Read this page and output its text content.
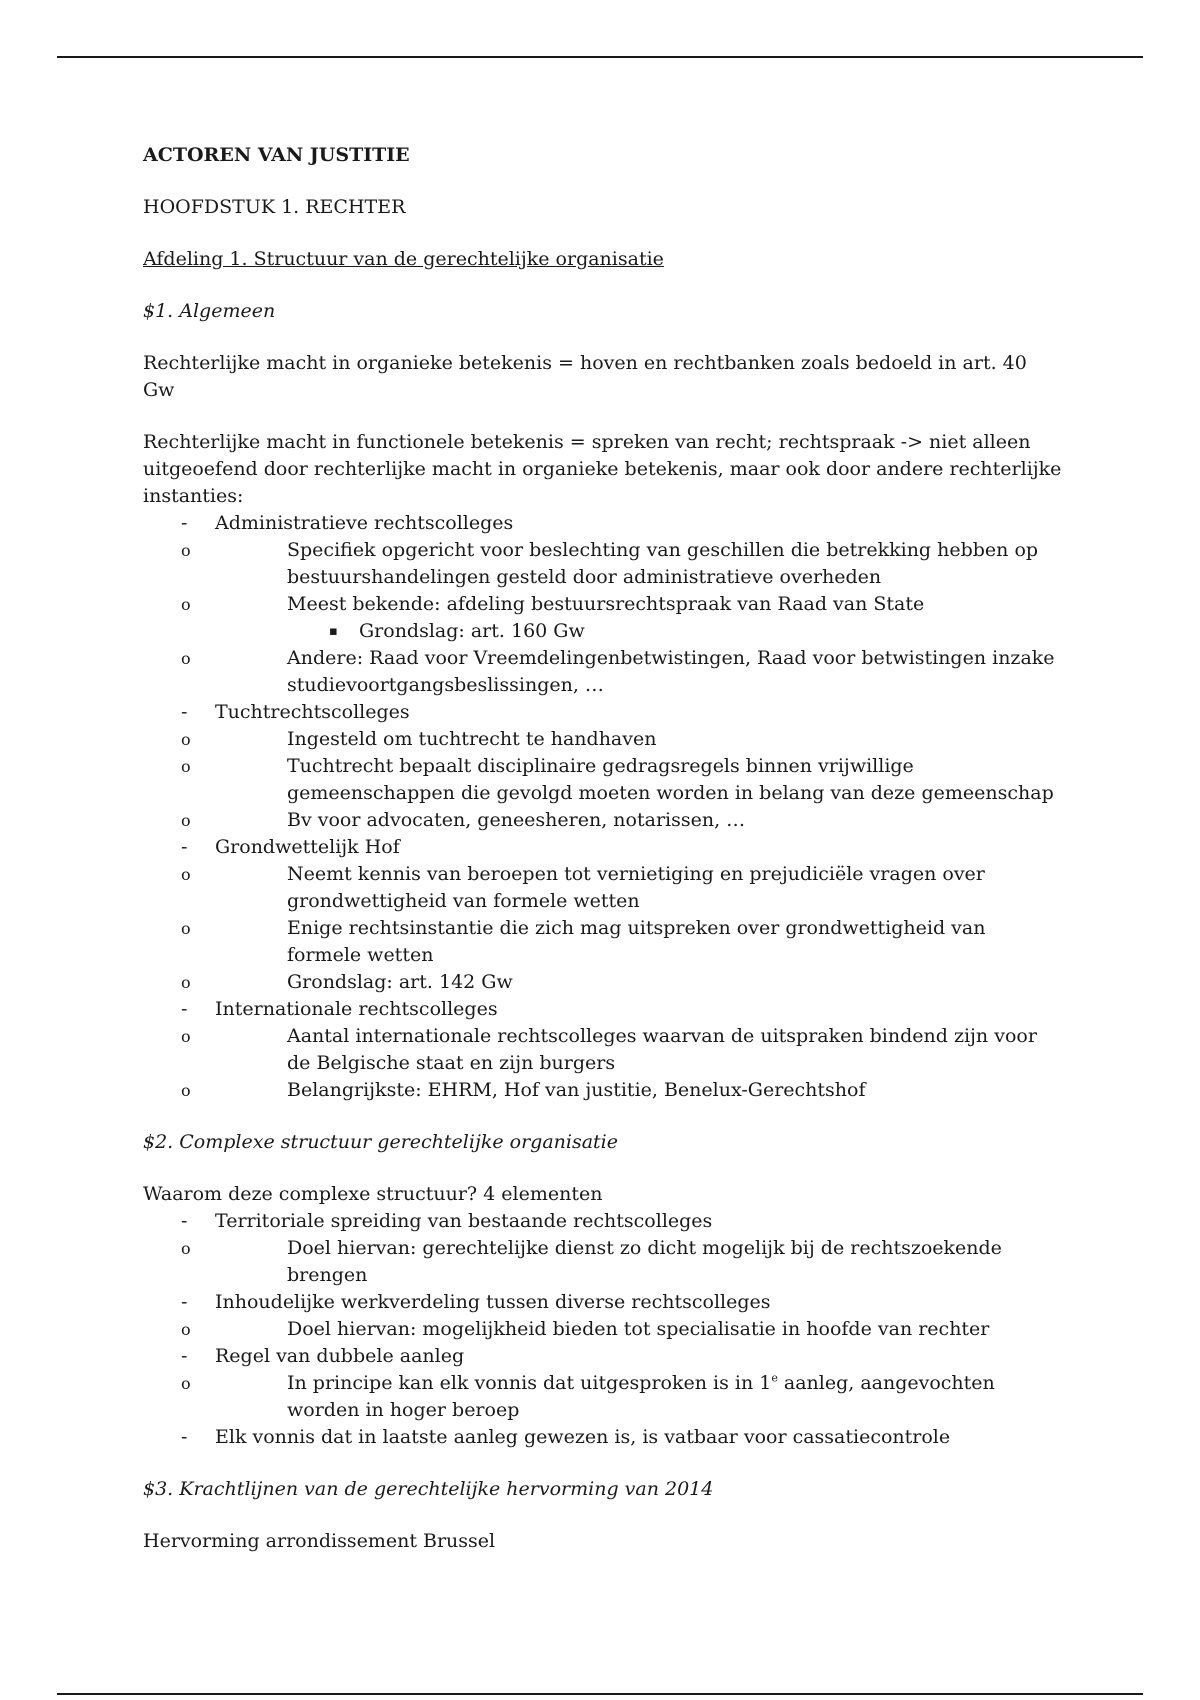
ACTOREN VAN JUSTITIE
HOOFDSTUK 1. RECHTER
Afdeling 1. Structuur van de gerechtelijke organisatie
$1. Algemeen
Rechterlijke macht in organieke betekenis = hoven en rechtbanken zoals bedoeld in art. 40 Gw
Rechterlijke macht in functionele betekenis = spreken van recht; rechtspraak -> niet alleen uitgeoefend door rechterlijke macht in organieke betekenis, maar ook door andere rechterlijke instanties:
- Administratieve rechtscolleges
o	Specifiek opgericht voor beslechting van geschillen die betrekking hebben op bestuurshandelingen gesteld door administratieve overheden
o	Meest bekende: afdeling bestuursrechtspraak van Raad van State
▪ Grondslag: art. 160 Gw
o	Andere: Raad voor Vreemdelingenbetwistingen, Raad voor betwistingen inzake studievoortgangsbeslissingen, …
- Tuchtrechtscolleges
o	Ingesteld om tuchtrecht te handhaven
o	Tuchtrecht bepaalt disciplinaire gedragsregels binnen vrijwillige gemeenschappen die gevolgd moeten worden in belang van deze gemeenschap
o	Bv voor advocaten, geneesheren, notarissen, …
- Grondwettelijk Hof
o	Neemt kennis van beroepen tot vernietiging en prejudiciële vragen over grondwettigheid van formele wetten
o	Enige rechtsinstantie die zich mag uitspreken over grondwettigheid van formele wetten
o	Grondslag: art. 142 Gw
- Internationale rechtscolleges
o	Aantal internationale rechtscolleges waarvan de uitspraken bindend zijn voor de Belgische staat en zijn burgers
o	Belangrijkste: EHRM, Hof van justitie, Benelux-Gerechtshof
$2. Complexe structuur gerechtelijke organisatie
Waarom deze complexe structuur? 4 elementen
- Territoriale spreiding van bestaande rechtscolleges
o	Doel hiervan: gerechtelijke dienst zo dicht mogelijk bij de rechtszoekende brengen
- Inhoudelijke werkverdeling tussen diverse rechtscolleges
o	Doel hiervan: mogelijkheid bieden tot specialisatie in hoofde van rechter
- Regel van dubbele aanleg
o	In principe kan elk vonnis dat uitgesproken is in 1e aanleg, aangevochten worden in hoger beroep
- Elk vonnis dat in laatste aanleg gewezen is, is vatbaar voor cassatiecontrole
$3. Krachtlijnen van de gerechtelijke hervorming van 2014
Hervorming arrondissement Brussel
